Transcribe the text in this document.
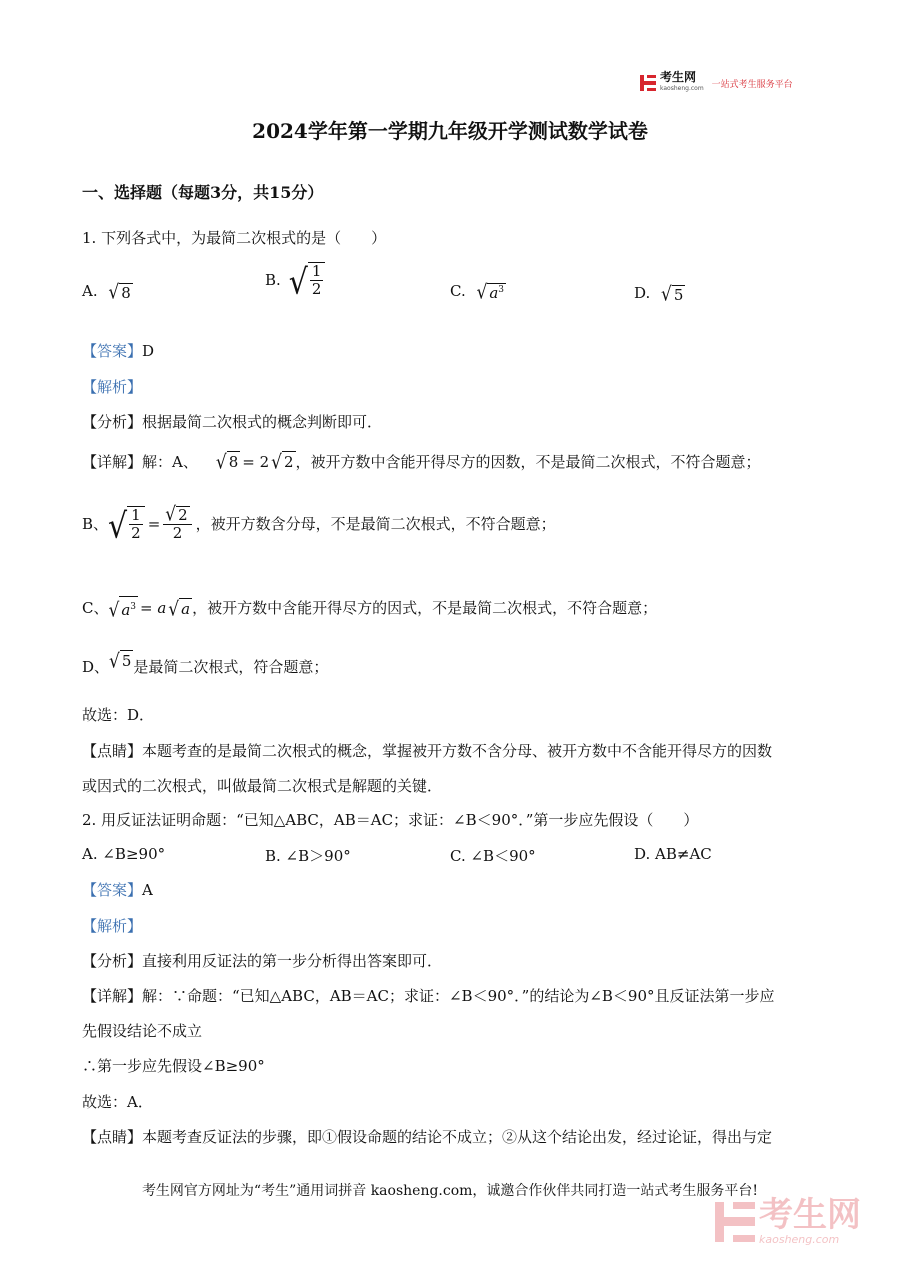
考生网
kaosheng.com 一站式考生服务平台
2024学年第一学期九年级开学测试数学试卷
一、选择题（每题3分，共15分）
1. 下列各式中，为最简二次根式的是（　　）
A. √ 8
B. √ $\frac{1}{2}$	C. √ $a^3$	D. √ 5
【答案】D
【解析】
【分析】根据最简二次根式的概念判断即可．
【详解】解：A、 √ 8 = 2 √ 2 ，被开方数中含能开得尽方的因数，不是最简二次根式，不符合题意；
B、 √ $\frac{1}{2} = \frac{√ 2}{2}$ ，被开方数含分母，不是最简二次根式，不符合题意；
C、 √ $a^3 = a$ √ a ，被开方数中含能开得尽方的因式，不是最简二次根式，不符合题意；
D、 √ 5 是最简二次根式，符合题意；
故选：D．
【点睛】本题考查的是最简二次根式的概念，掌握被开方数不含分母、被开方数中不含能开得尽方的因数
或因式的二次根式，叫做最简二次根式是解题的关键．
2. 用反证法证明命题：“已知△ABC，AB＝AC；求证：∠B＜90°．”第一步应先假设（　　）
A. ∠B≥90°	B. ∠B＞90°	C. ∠B＜90°	D. AB≠AC
【答案】A
【解析】
【分析】直接利用反证法的第一步分析得出答案即可．
【详解】解：∵命题：“已知△ABC，AB＝AC；求证：∠B＜90°．”的结论为∠B＜90°且反证法第一步应
先假设结论不成立
∴第一步应先假设∠B≥90°
故选：A．
【点睛】本题考查反证法的步骤，即①假设命题的结论不成立；②从这个结论出发，经过论证，得出与定
考生网官方网址为“考生”通用词拼音 kaosheng.com，诚邀合作伙伴共同打造一站式考生服务平台!
考生网
kaosheng.com
